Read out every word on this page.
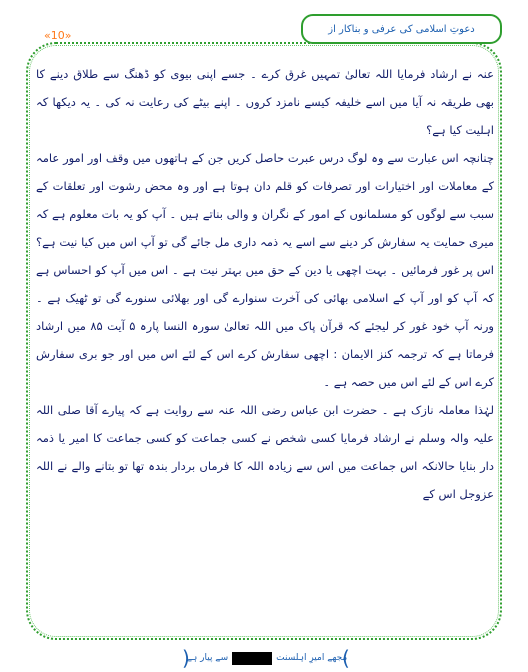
دعوتِ اسلامی کی عرفی و بناکار از
«10»

عنہ نے ارشاد فرمایا اللہ تعالیٰ تمہیں غرق کرے ۔ جسے اپنی بیوی کو ڈھنگ سے طلاق دینے کا بھی طریقہ نہ آیا میں اسے خلیفہ کیسے نامزد کروں ۔ اپنے بیٹے کی رعایت نہ کی ۔ یہ دیکھا کہ اہلیت کیا ہے؟

چنانچہ اس عبارت سے وہ لوگ درس عبرت حاصل کریں جن کے ہاتھوں میں وقف اور امور عامہ کے معاملات اور اختیارات اور تصرفات کو قلم دان ہوتا ہے اور وہ محض رشوت اور تعلقات کے سبب سے لوگوں کو مسلمانوں کے امور کے نگران و والی بناتے ہیں ۔ آپ کو یہ بات معلوم ہے کہ میری حمایت یہ سفارش کر دینے سے اسے یہ ذمہ داری مل جائے گی تو آپ اس میں کیا نیت ہے؟ اس پر غور فرمائیں ۔ بہت اچھی یا دین کے حق میں بہتر نیت ہے ۔ اس میں آپ کو احساس ہے کہ آپ کو اور آپ کے اسلامی بھائی کی آخرت سنوارے گی اور بھلائی سنورے گی تو ٹھیک ہے ۔ ورنہ آپ خود غور کر لیجئے کہ قرآن پاک میں اللہ تعالیٰ سورہ النسا پارہ ۵ آیت ۸۵ میں ارشاد فرماتا ہے کہ ترجمہ کنز الایمان : اچھی سفارش کرے اس کے لئے اس میں اور جو بری سفارش کرے اس کے لئے اس میں حصہ ہے ۔

لہٰذا معاملہ نازک ہے ۔ حضرت ابن عباس رضی اللہ عنہ سے روایت ہے کہ پیارے آقا صلی اللہ علیہ والہ وسلم نے ارشاد فرمایا کسی شخص نے کسی جماعت کو کسی جماعت کا امیر یا ذمہ دار بنایا حالانکہ اس جماعت میں اس سے زیادہ اللہ کا فرماں بردار بندہ تھا تو بتانے والے نے اللہ عزوجل اس کے

(	مجھے امیرِ اہلسنت
سے پیار ہے	)
